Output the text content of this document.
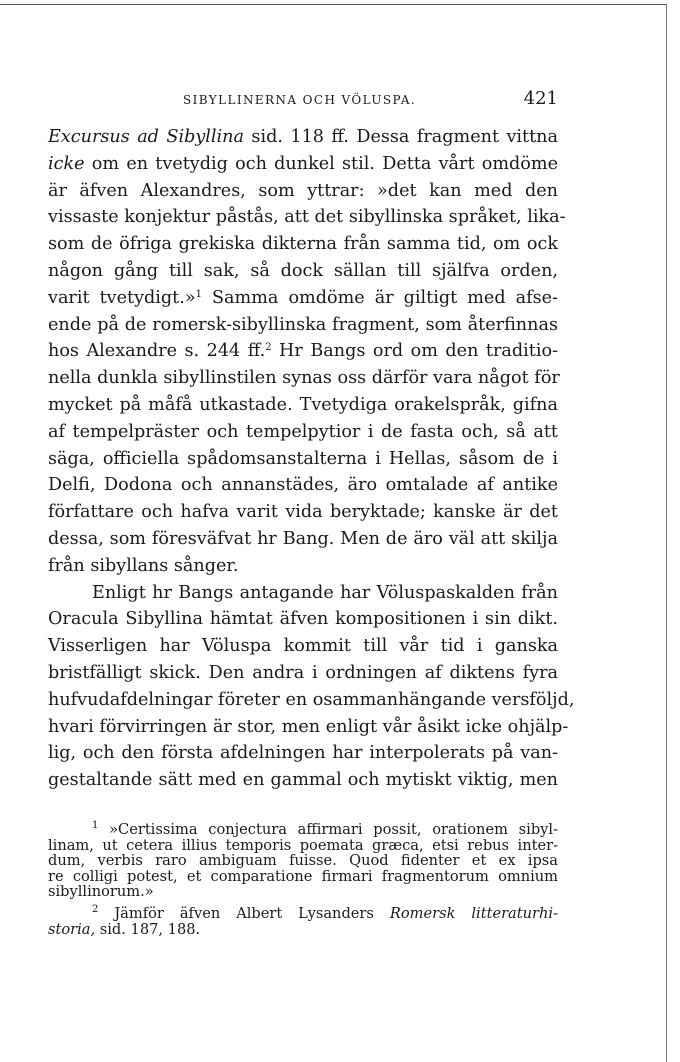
SIBYLLINERNA OCH VÖLUSPA.	421
Excursus ad Sibyllina sid. 118 ff. Dessa fragment vittna
icke om en tvetydig och dunkel stil. Detta vårt omdöme
är äfven Alexandres, som yttrar: »det kan med den
vissaste konjektur påstås, att det sibyllinska språket, lika-
som de öfriga grekiska dikterna från samma tid, om ock
någon gång till sak, så dock sällan till själfva orden,
varit tvetydigt.»$^1$ Samma omdöme är giltigt med afse-
ende på de romersk-sibyllinska fragment, som återfinnas
hos Alexandre s. 244 ff.$^2$ Hr Bangs ord om den traditio-
nella dunkla sibyllinstilen synas oss därför vara något för
mycket på måfå utkastade. Tvetydiga orakelspråk, gifna
af tempelpräster och tempelpytior i de fasta och, så att
säga, officiella spådomsanstalterna i Hellas, såsom de i
Delfi, Dodona och annanstädes, äro omtalade af antike
författare och hafva varit vida beryktade; kanske är det
dessa, som föresväfvat hr Bang. Men de äro väl att skilja
från sibyllans sånger.
Enligt hr Bangs antagande har Völuspaskalden från
Oracula Sibyllina hämtat äfven kompositionen i sin dikt.
Visserligen har Völuspa kommit till vår tid i ganska
bristfälligt skick. Den andra i ordningen af diktens fyra
hufvudafdelningar företer en osammanhängande versföljd,
hvari förvirringen är stor, men enligt vår åsikt icke ohjälp-
lig, och den första afdelningen har interpolerats på van-
gestaltande sätt med en gammal och mytiskt viktig, men
$^1$ »Certissima conjectura affirmari possit, orationem sibyl-
linam, ut cetera illius temporis poemata græca, etsi rebus inter-
dum, verbis raro ambiguam fuisse. Quod fidenter et ex ipsa
re colligi potest, et comparatione firmari fragmentorum omnium
sibyllinorum.»
$^2$ Jämför äfven Albert Lysanders Romersk litteraturhi-
storia, sid. 187, 188.
